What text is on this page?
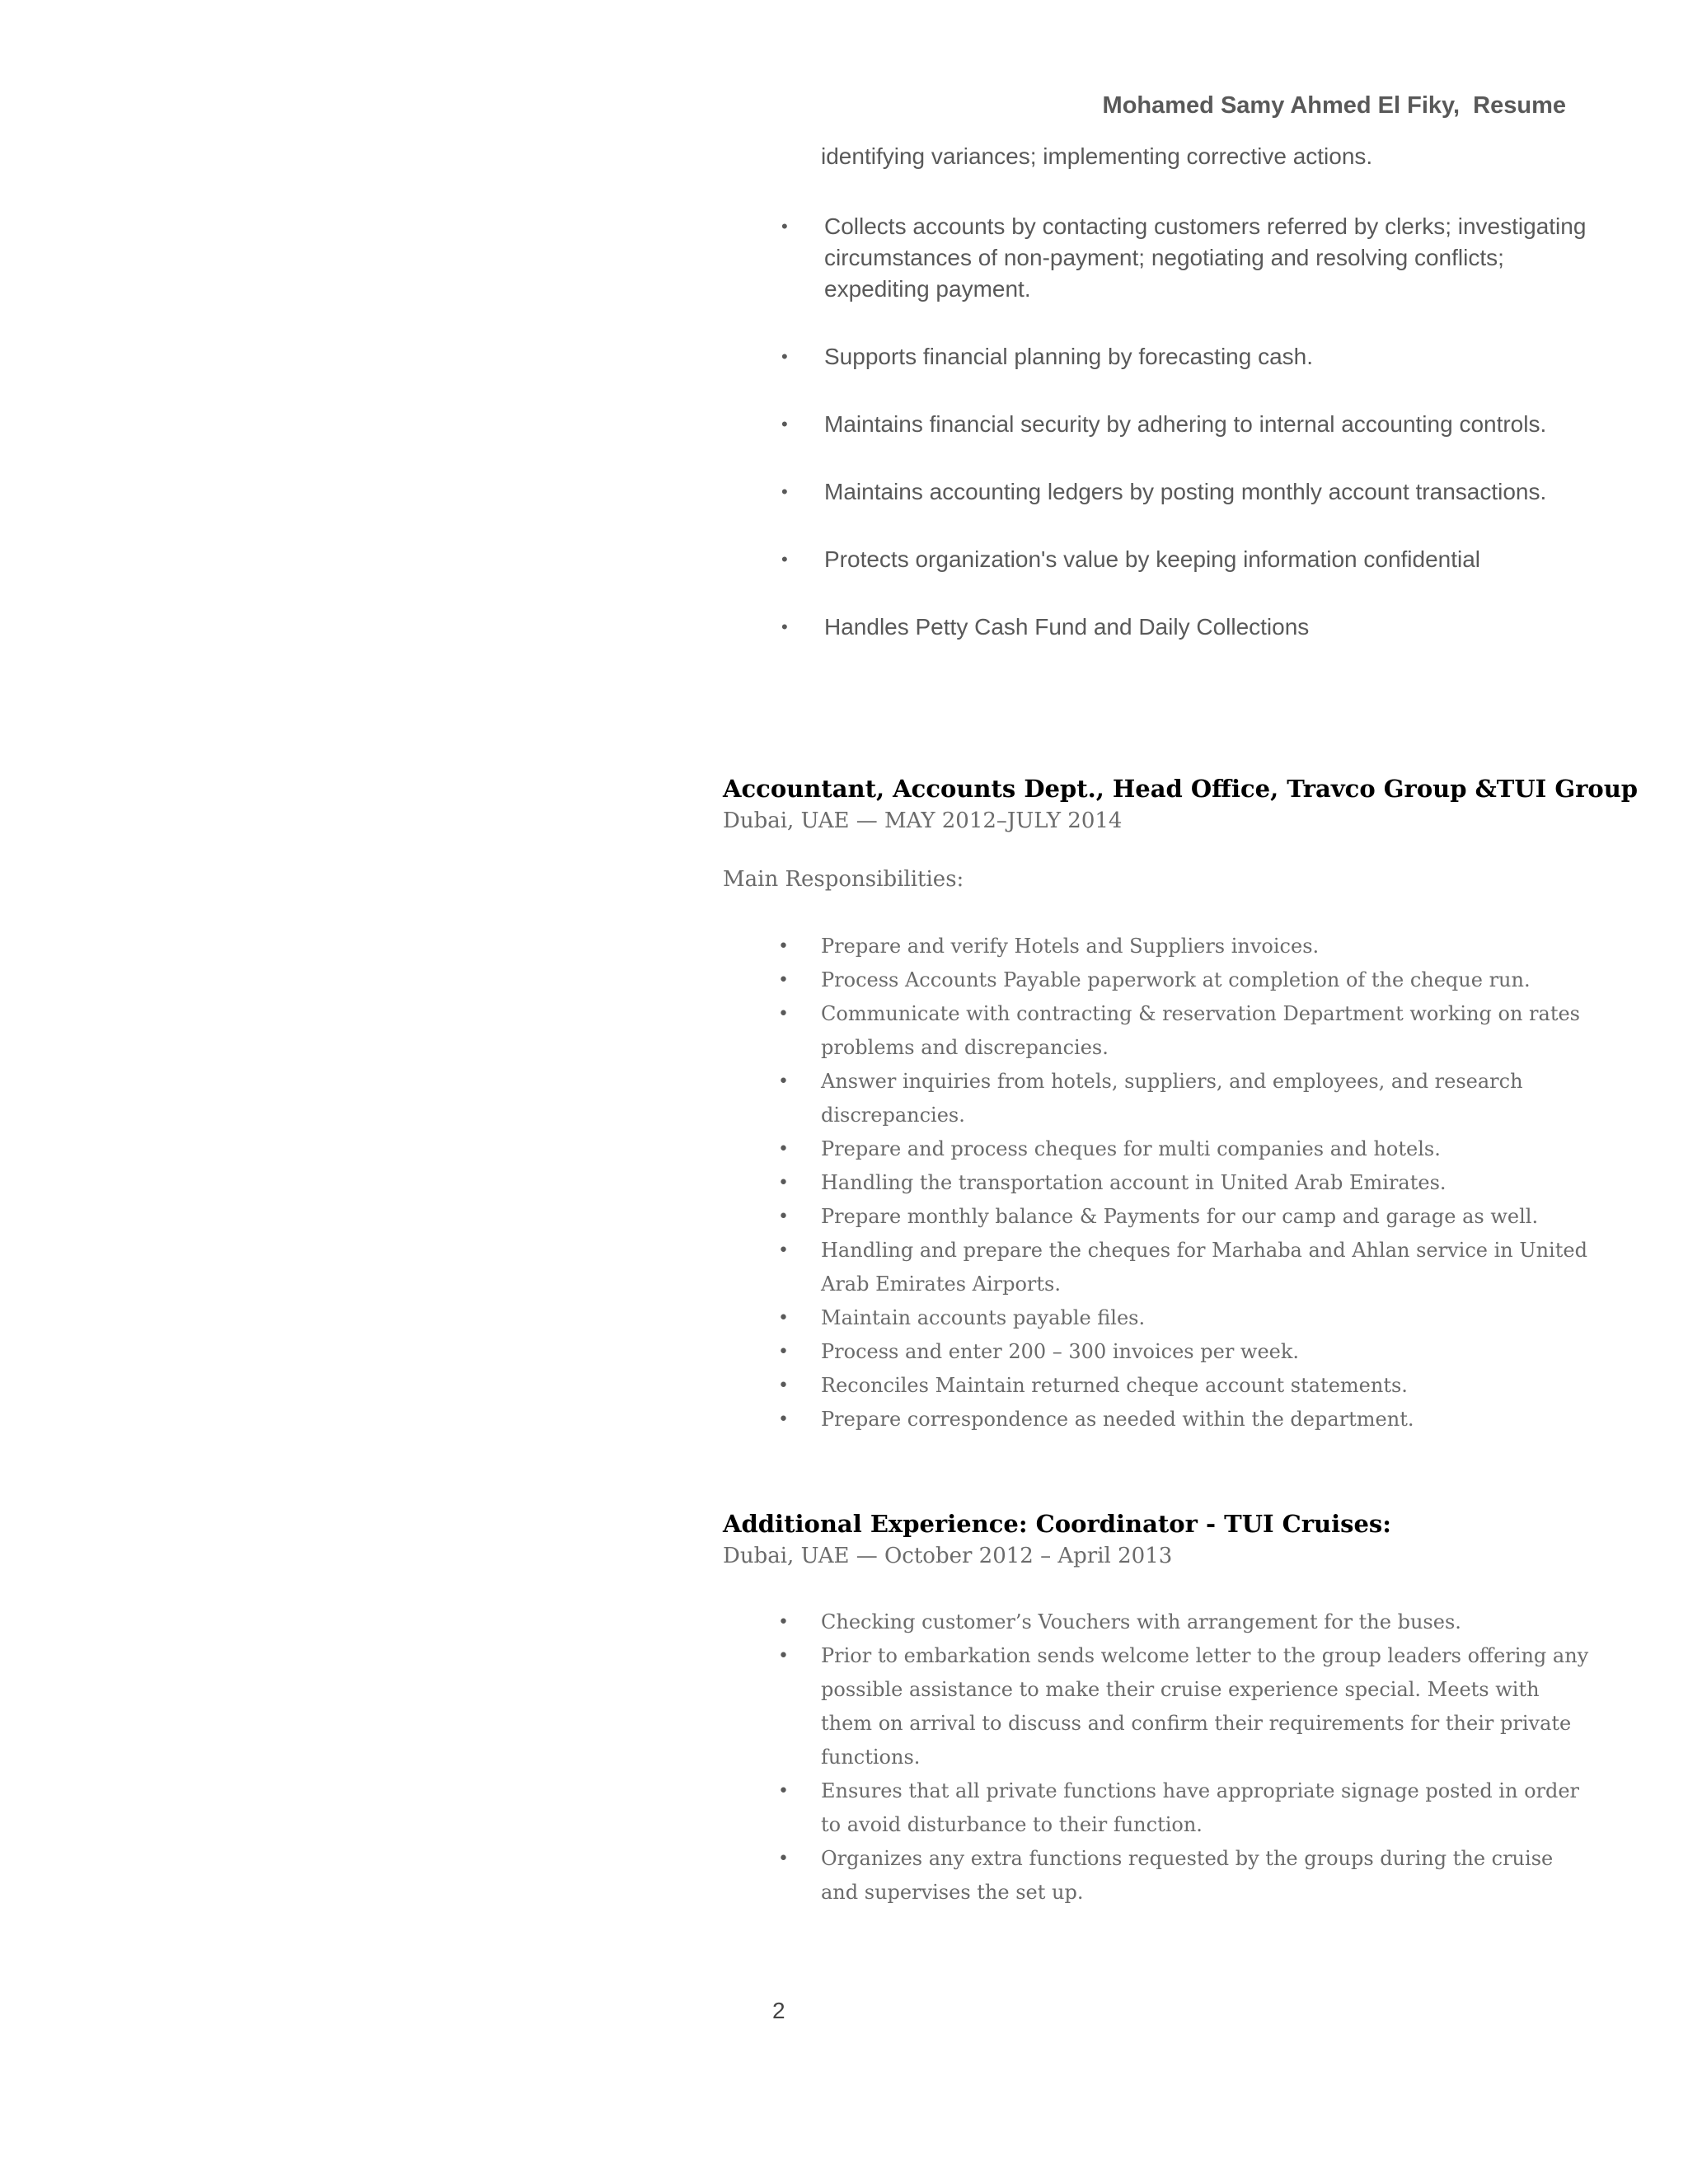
Mohamed Samy Ahmed El Fiky,  Resume
identifying variances; implementing corrective actions.
• Collects accounts by contacting customers referred by clerks; investigating circumstances of non-payment; negotiating and resolving conflicts; expediting payment.
• Supports financial planning by forecasting cash.
• Maintains financial security by adhering to internal accounting controls.
• Maintains accounting ledgers by posting monthly account transactions.
• Protects organization's value by keeping information confidential
• Handles Petty Cash Fund and Daily Collections
Accountant, Accounts Dept., Head Office, Travco Group &TUI Group
Dubai, UAE — MAY 2012–JULY 2014
Main Responsibilities:
• Prepare and verify Hotels and Suppliers invoices.
• Process Accounts Payable paperwork at completion of the cheque run.
• Communicate with contracting & reservation Department working on rates problems and discrepancies.
• Answer inquiries from hotels, suppliers, and employees, and research discrepancies.
• Prepare and process cheques for multi companies and hotels.
• Handling the transportation account in United Arab Emirates.
• Prepare monthly balance & Payments for our camp and garage as well.
• Handling and prepare the cheques for Marhaba and Ahlan service in United Arab Emirates Airports.
• Maintain accounts payable files.
• Process and enter 200 – 300 invoices per week.
• Reconciles Maintain returned cheque account statements.
• Prepare correspondence as needed within the department.
Additional Experience: Coordinator - TUI Cruises:
Dubai, UAE — October 2012 – April 2013
• Checking customer’s Vouchers with arrangement for the buses.
• Prior to embarkation sends welcome letter to the group leaders offering any possible assistance to make their cruise experience special. Meets with them on arrival to discuss and confirm their requirements for their private functions.
• Ensures that all private functions have appropriate signage posted in order to avoid disturbance to their function.
• Organizes any extra functions requested by the groups during the cruise and supervises the set up.
2
